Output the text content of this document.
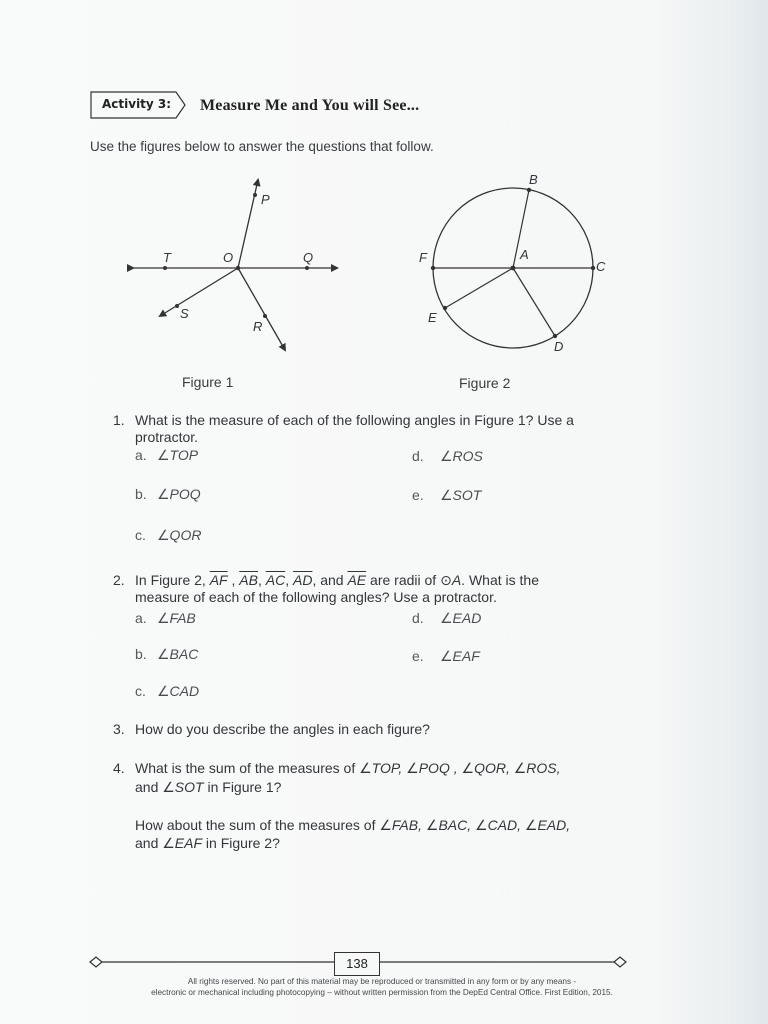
Activity 3: Measure Me and You will See...
Use the figures below to answer the questions that follow.
P
T	O	Q
S
R
Figure 1
B
F	A
C
E
D
Figure 2
1. What is the measure of each of the following angles in Figure 1? Use a protractor.
a. ∠TOP
b. ∠POQ
c. ∠QOR
d. ∠ROS
e. ∠SOT
2. In Figure 2, $\overline{AF}$ , $\overline{AB}$, $\overline{AC}$, $\overline{AD}$, and $\overline{AE}$ are radii of ⊙A. What is the
measure of each of the following angles? Use a protractor.
a. ∠FAB
b. ∠BAC
c. ∠CAD
d. ∠EAD
e. ∠EAF
3. How do you describe the angles in each figure?
4. What is the sum of the measures of ∠TOP, ∠POQ , ∠QOR, ∠ROS,
and ∠SOT in Figure 1?
How about the sum of the measures of ∠FAB, ∠BAC, ∠CAD, ∠EAD,
and ∠EAF in Figure 2?
138
All rights reserved. No part of this material may be reproduced or transmitted in any form or by any means -
electronic or mechanical including photocopying – without written permission from the DepEd Central Office. First Edition, 2015.
